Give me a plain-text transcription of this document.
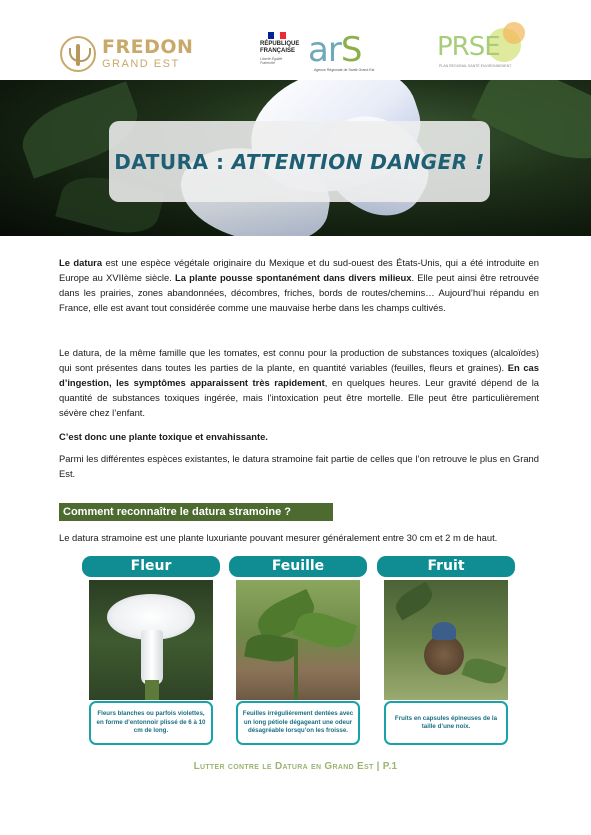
FREDON
GRAND EST
RÉPUBLIQUE
FRANÇAISE
Liberté Égalité Fraternité arS
Agence Régionale de Santé Grand Est
PRSE
PLAN RÉGIONAL SANTÉ ENVIRONNEMENT
DATURA : ATTENTION DANGER !
Le datura est une espèce végétale originaire du Mexique et du sud-ouest des États-Unis, qui a été introduite en Europe au XVIIème siècle. La plante pousse spontanément dans divers milieux. Elle peut ainsi être retrouvée dans les prairies, zones abandonnées, décombres, friches, bords de routes/chemins… Aujourd’hui répandu en France, elle est avant tout considérée comme une mauvaise herbe dans les champs cultivés.
Le datura, de la même famille que les tomates, est connu pour la production de substances toxiques (alcaloïdes) qui sont présentes dans toutes les parties de la plante, en quantité variables (feuilles, fleurs et graines). En cas d’ingestion, les symptômes apparaissent très rapidement, en quelques heures. Leur gravité dépend de la quantité de substances toxiques ingérée, mais l’intoxication peut être mortelle. Elle peut être particulièrement sévère chez l’enfant.
C’est donc une plante toxique et envahissante.
Parmi les différentes espèces existantes, le datura stramoine fait partie de celles que l’on retrouve le plus en Grand Est.
Comment reconnaître le datura stramoine ?
Le datura stramoine est une plante luxuriante pouvant mesurer généralement entre 30 cm et 2 m de haut.
Fleur
Fleurs blanches ou parfois violettes, en forme d’entonnoir plissé de 6 à 10 cm de long.
Feuille
Feuilles irrégulièrement dentées avec un long pétiole dégageant une odeur désagréable lorsqu’on les froisse.
Fruit
Fruits en capsules épineuses de la taille d’une noix.
Lutter contre le Datura en Grand Est | P.1
